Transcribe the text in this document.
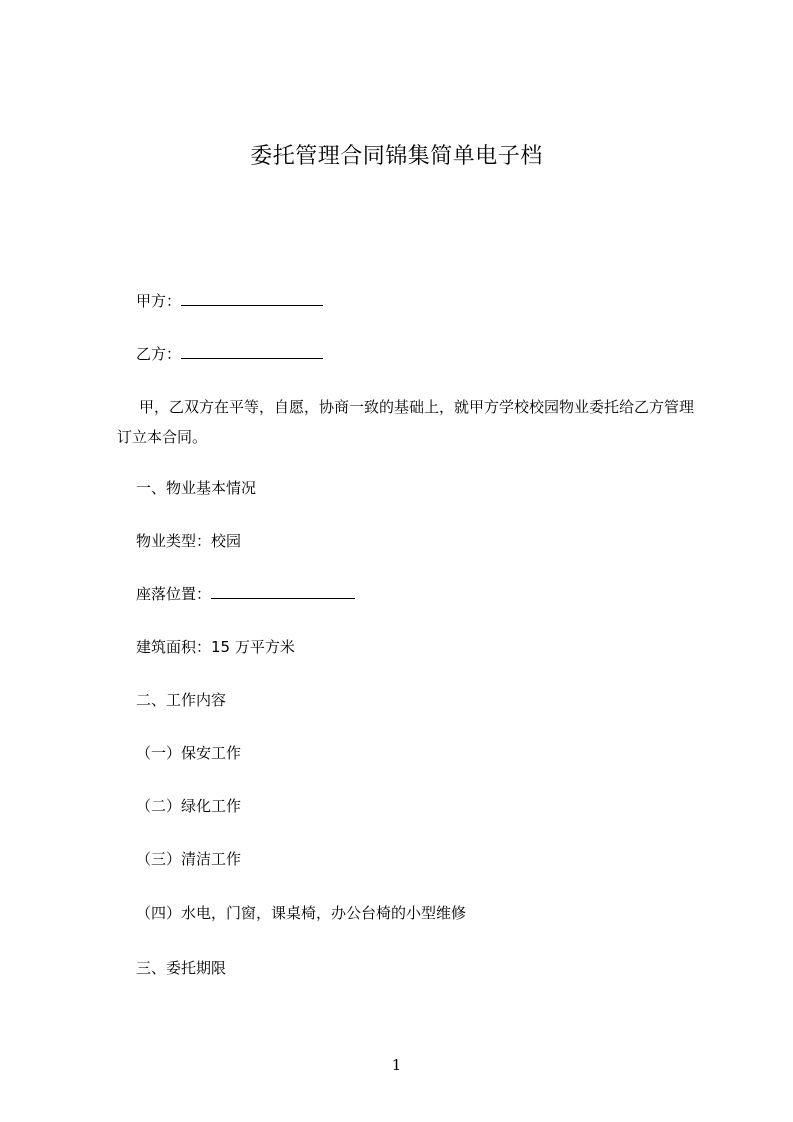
委托管理合同锦集简单电子档
甲方：
乙方：
甲，乙双方在平等，自愿，协商一致的基础上，就甲方学校校园物业委托给乙方管理订立本合同。
一、物业基本情况
物业类型：校园
座落位置：
建筑面积：15 万平方米
二、工作内容
（一）保安工作
（二）绿化工作
（三）清洁工作
（四）水电，门窗，课桌椅，办公台椅的小型维修
三、委托期限
1
